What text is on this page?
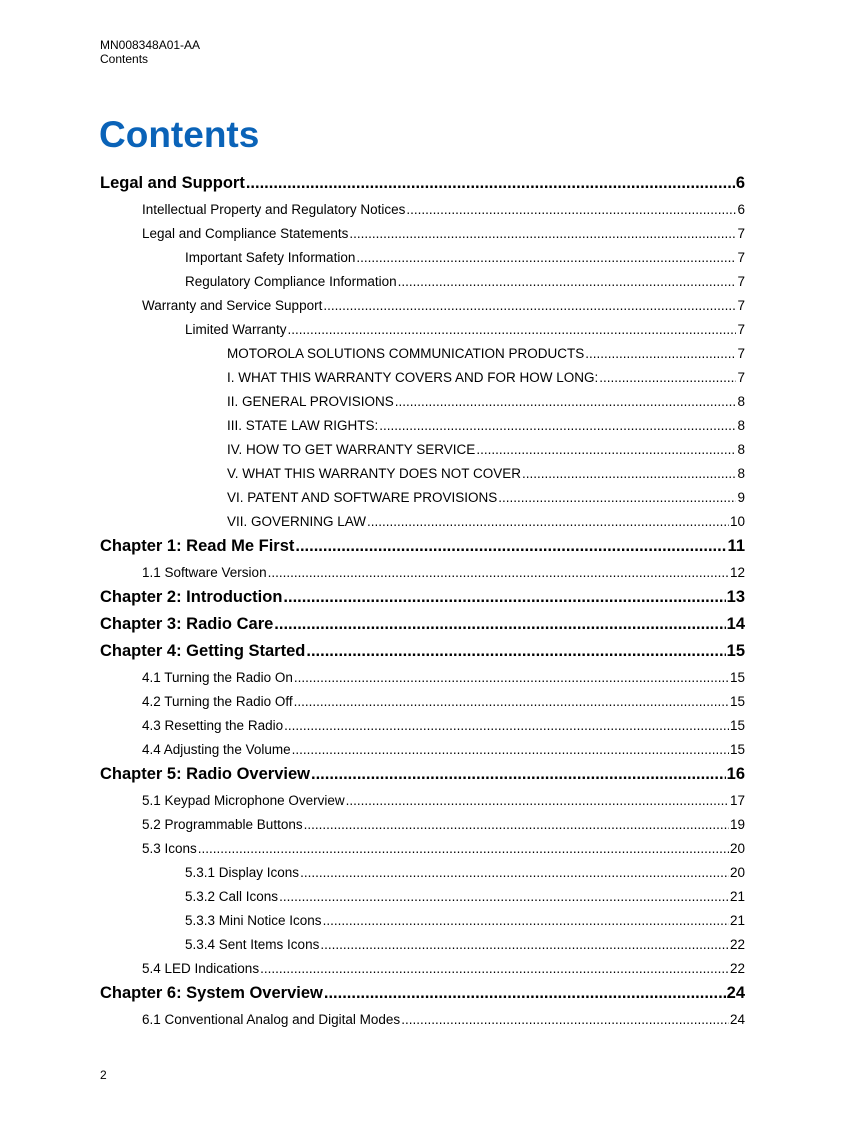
MN008348A01-AA
Contents
Contents
Legal and Support .....	6
Intellectual Property and Regulatory Notices .....	6
Legal and Compliance Statements .....	7
Important Safety Information .....	7
Regulatory Compliance Information .....	7
Warranty and Service Support .....	7
Limited Warranty .....	7
MOTOROLA SOLUTIONS COMMUNICATION PRODUCTS .....	7
I. WHAT THIS WARRANTY COVERS AND FOR HOW LONG: .....	7
II. GENERAL PROVISIONS .....	8
III. STATE LAW RIGHTS: .....	8
IV. HOW TO GET WARRANTY SERVICE .....	8
V. WHAT THIS WARRANTY DOES NOT COVER .....	8
VI. PATENT AND SOFTWARE PROVISIONS .....	9
VII. GOVERNING LAW .....	10
Chapter 1: Read Me First .....	11
1.1 Software Version .....	12
Chapter 2: Introduction .....	13
Chapter 3: Radio Care .....	14
Chapter 4: Getting Started .....	15
4.1 Turning the Radio On .....	15
4.2 Turning the Radio Off .....	15
4.3 Resetting the Radio .....	15
4.4 Adjusting the Volume .....	15
Chapter 5: Radio Overview .....	16
5.1 Keypad Microphone Overview .....	17
5.2 Programmable Buttons .....	19
5.3 Icons .....	20
5.3.1 Display Icons .....	20
5.3.2 Call Icons .....	21
5.3.3 Mini Notice Icons .....	21
5.3.4 Sent Items Icons .....	22
5.4 LED Indications .....	22
Chapter 6: System Overview .....	24
6.1 Conventional Analog and Digital Modes .....	24
2
